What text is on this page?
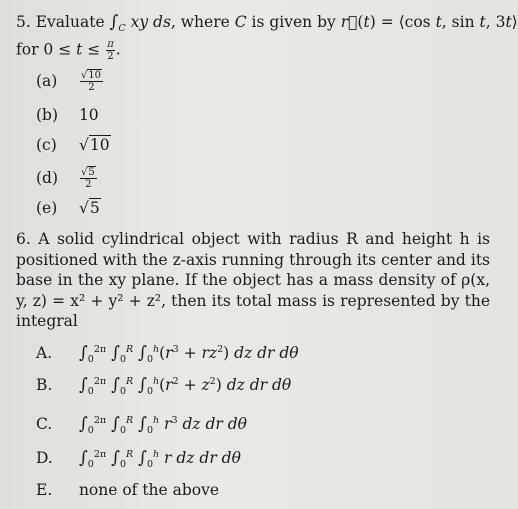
5. Evaluate $\int_C$ xy ds, where C is given by r⃗(t) = ⟨cos t, sin t, 3t⟩
for $0 \le t \le \frac{\pi}{2}$ .
$(a) \frac{√10}{2}$
(b) 10
(c) √10
$(d) \frac{√5}{2}$
(e) √5
6. A solid cylindrical object with radius R and height h is positioned with the z-axis running through its center and its base in the xy plane. If the object has a mass density of ρ(x, y, z) = x² + y² + z², then its total mass is represented by the integral
A. $\int_0^{2\pi}$ $\int_0^R$ $\int_0^h(r^3 + rz^2)$ dz dr dθ
B. $\int_0^{2\pi}$ $\int_0^R$ $\int_0^h(r^2 + z^2)$ dz dr dθ
C. $\int_0^{2\pi}$ $\int_0^R$ $\int_0^h$ $r^3$ dz dr dθ
D. $\int_0^{2\pi}$ $\int_0^R$ $\int_0^h$ r dz dr dθ
E. none of the above
